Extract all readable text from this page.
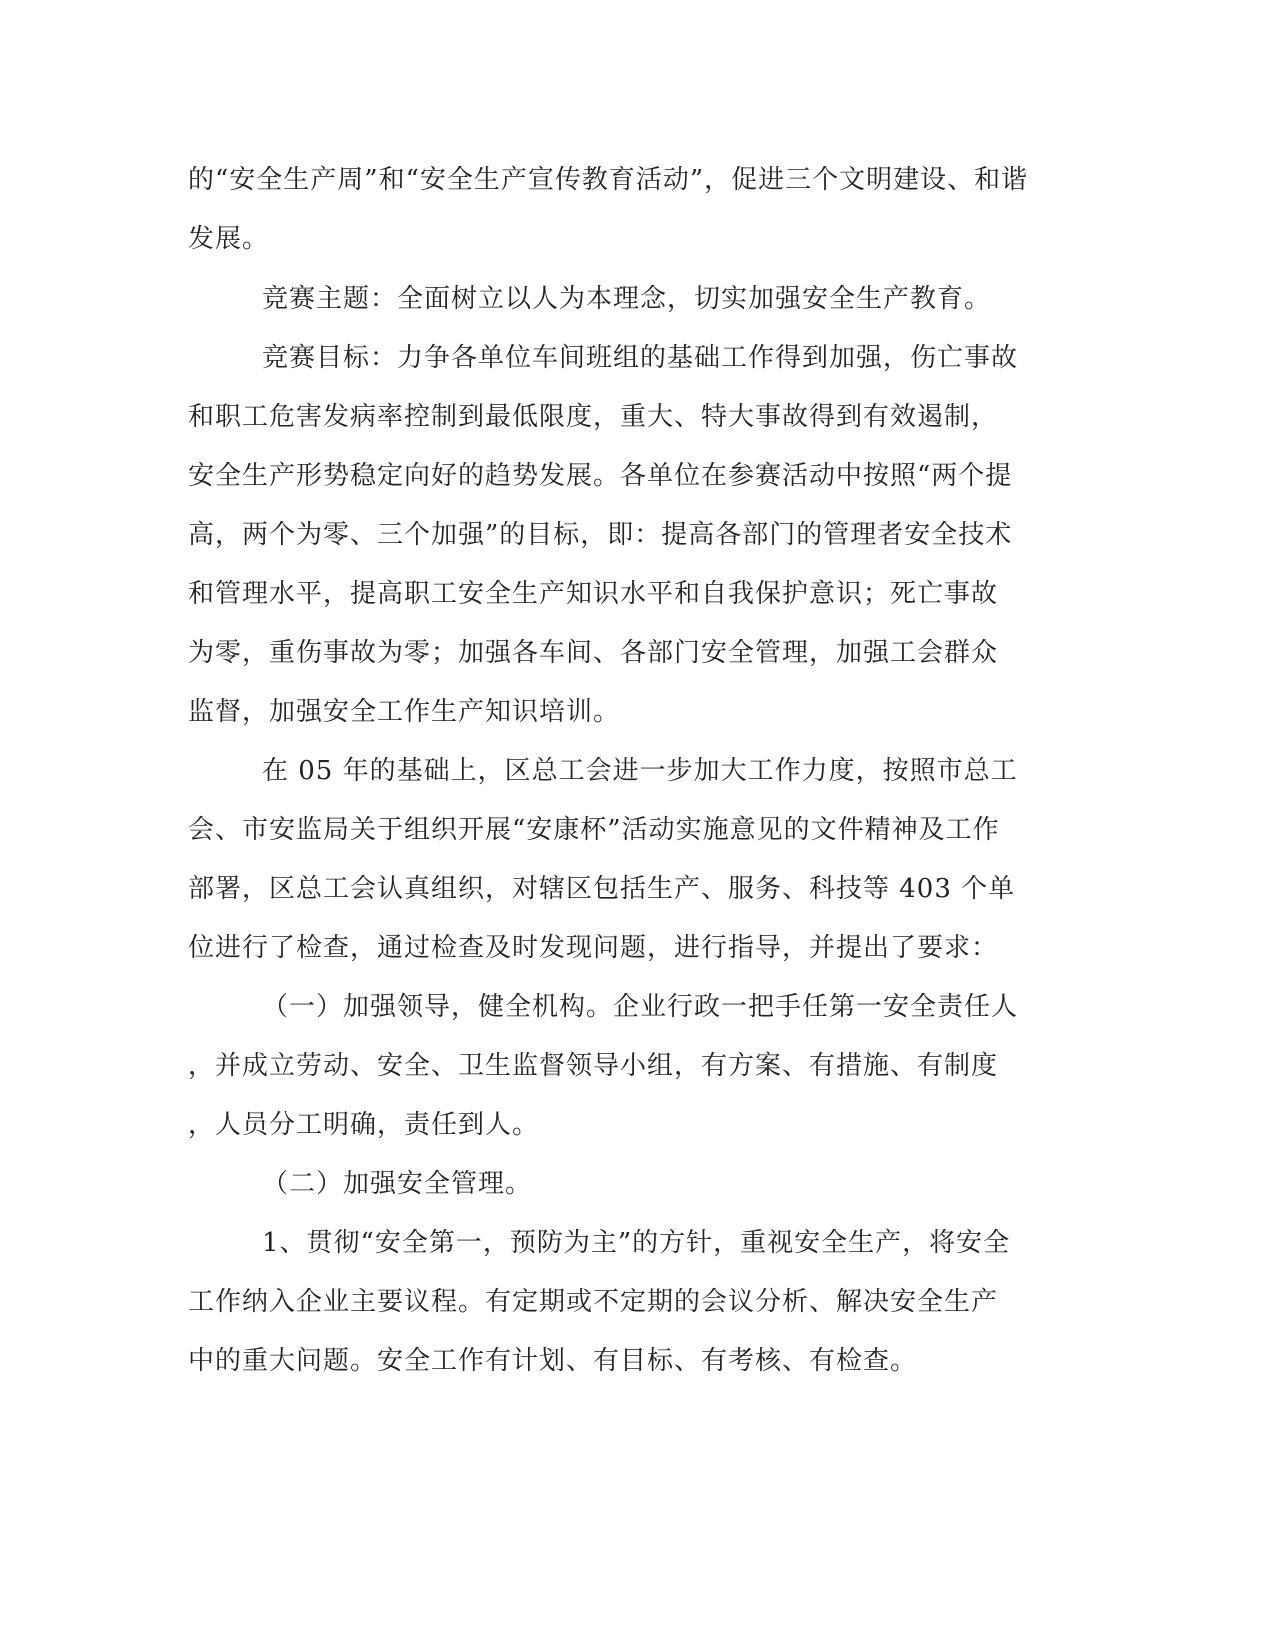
的“安全生产周”和“安全生产宣传教育活动”，促进三个文明建设、和谐
发展。
竞赛主题：全面树立以人为本理念，切实加强安全生产教育。
竞赛目标：力争各单位车间班组的基础工作得到加强，伤亡事故
和职工危害发病率控制到最低限度，重大、特大事故得到有效遏制，
安全生产形势稳定向好的趋势发展。各单位在参赛活动中按照“两个提
高，两个为零、三个加强”的目标，即：提高各部门的管理者安全技术
和管理水平，提高职工安全生产知识水平和自我保护意识；死亡事故
为零，重伤事故为零；加强各车间、各部门安全管理，加强工会群众
监督，加强安全工作生产知识培训。
在 05 年的基础上，区总工会进一步加大工作力度，按照市总工
会、市安监局关于组织开展“安康杯”活动实施意见的文件精神及工作
部署，区总工会认真组织，对辖区包括生产、服务、科技等 403 个单
位进行了检查，通过检查及时发现问题，进行指导，并提出了要求：
（一）加强领导，健全机构。企业行政一把手任第一安全责任人
，并成立劳动、安全、卫生监督领导小组，有方案、有措施、有制度
，人员分工明确，责任到人。
（二）加强安全管理。
1、贯彻“安全第一，预防为主”的方针，重视安全生产，将安全
工作纳入企业主要议程。有定期或不定期的会议分析、解决安全生产
中的重大问题。安全工作有计划、有目标、有考核、有检查。
